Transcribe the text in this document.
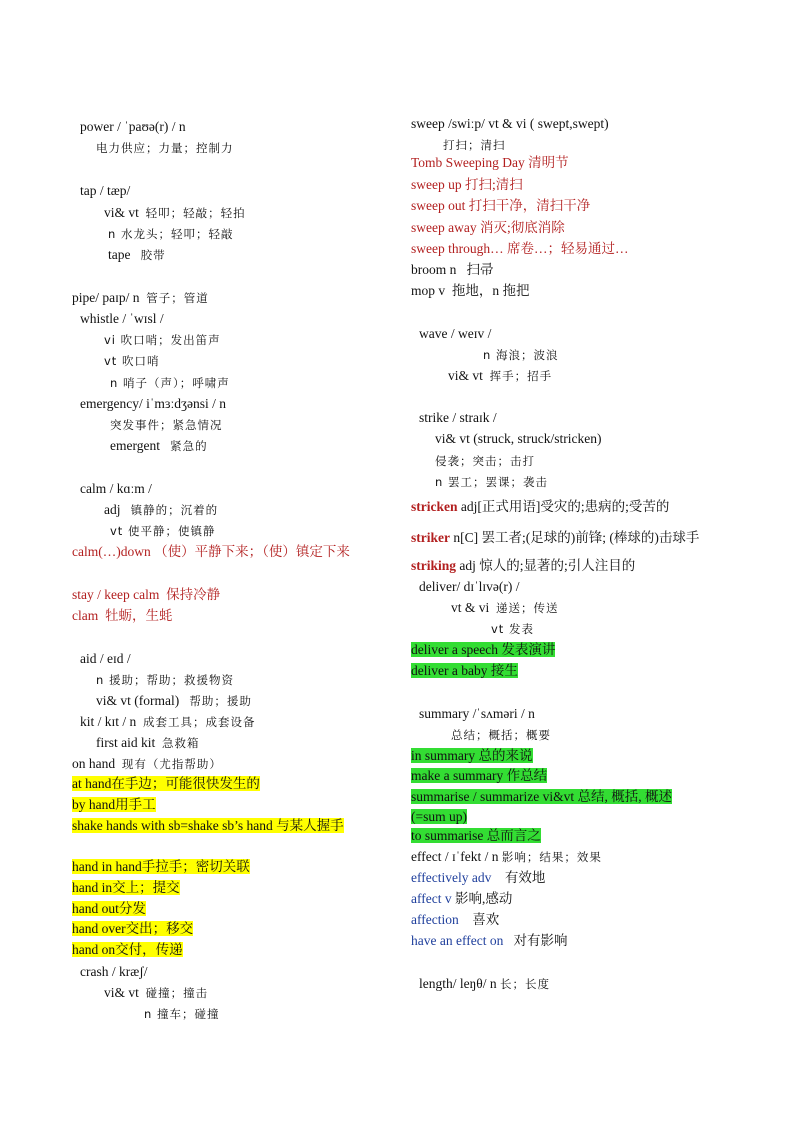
power / ˈpaʊə(r) / n
电力供应；力量；控制力
tap / tæp/
vi& vt 轻叩；轻敲；轻拍
n 水龙头；轻叩；轻敲
tape 胶带
pipe/ paɪp/ n 管子；管道
whistle / ˈwɪsl /
vi 吹口哨；发出笛声
vt 吹口哨
n 哨子（声）；呼啸声
emergency/ iˈmɜːdʒənsi / n
突发事件；紧急情况
emergent 紧急的
calm / kɑːm /
adj 镇静的；沉着的
vt 使平静；使镇静
calm(…)down （使）平静下来；（使）镇定下来
stay / keep calm 保持冷静
clam 牡蛎，生蚝
aid / eɪd /
n 援助；帮助；救援物资
vi& vt (formal) 帮助；援助
kit / kɪt / n 成套工具；成套设备
first aid kit 急救箱
on hand 现有（尤指帮助）
at hand在手边；可能很快发生的
by hand用手工
shake hands with sb=shake sb’s hand 与某人握手
hand in hand手拉手；密切关联
hand in交上；提交
hand out分发
hand over交出；移交
hand on交付，传递
crash / kræʃ/
vi& vt 碰撞；撞击
n 撞车；碰撞
sweep /swiːp/ vt & vi ( swept,swept)
打扫；清扫
Tomb Sweeping Day 清明节
sweep up 打扫;清扫
sweep out 打扫干净，清扫干净
sweep away 消灭;彻底消除
sweep through… 席卷…；轻易通过…
broom n 扫帚
mop v 拖地，n 拖把
wave / weɪv /
n 海浪；波浪
vi& vt 挥手；招手
strike / straɪk /
vi& vt (struck, struck/stricken)
侵袭；突击；击打
n 罢工；罢课；袭击
stricken adj[正式用语]受灾的;患病的;受苦的
striker n[C] 罢工者;(足球的)前锋; (棒球的)击球手
striking adj 惊人的;显著的;引人注目的
deliver/ dɪˈlɪvə(r) /
vt & vi 递送；传送
vt 发表
deliver a speech 发表演讲
deliver a baby 接生
summary /ˈsʌməri / n
总结；概括；概要
in summary 总的来说
make a summary 作总结
summarise / summarize vi&vt 总结, 概括, 概述
(=sum up)
to summarise 总而言之
effect / ɪˈfekt / n 影响；结果；效果
effectively adv 有效地
affect v 影响,感动
affection 喜欢
have an effect on 对有影响
length/ leŋθ/ n 长；长度
